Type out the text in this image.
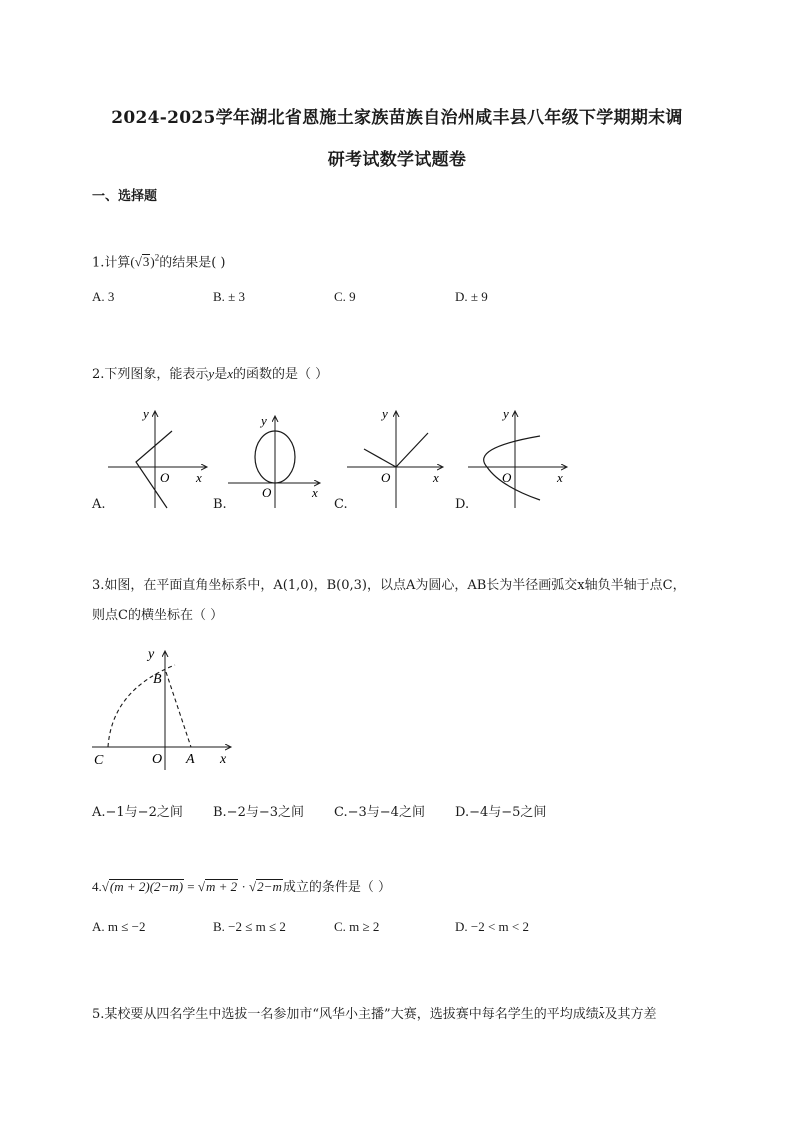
2024-2025学年湖北省恩施土家族苗族自治州咸丰县八年级下学期期末调
研考试数学试题卷
一、选择题
1.计算$(√3)^2$的结果是( )
A. 3	B. ± 3	C. 9	D. ± 9
2.下列图象，能表示y是x的函数的是（ ）
y
O x
y
O	x
y
O	x
y
O	x
B
C	O A x
y
A.	B.	C.	D.
3.如图，在平面直角坐标系中，A(1,0)，B(0,3)，以点A为圆心，AB长为半径画弧交x轴负半轴于点C，
则点C的横坐标在（ ）
A.−1与−2之间 B.−2与−3之间 C.−3与−4之间 D.−4与−5之间
4.√(m + 2)(2−m) = √m + 2 · √2−m成立的条件是（ ）
A. m ≤ −2	B. −2 ≤ m ≤ 2	C. m ≥ 2	D. −2 < m < 2
5.某校要从四名学生中选拔一名参加市“风华小主播”大赛，选拔赛中每名学生的平均成绩x及其方差
